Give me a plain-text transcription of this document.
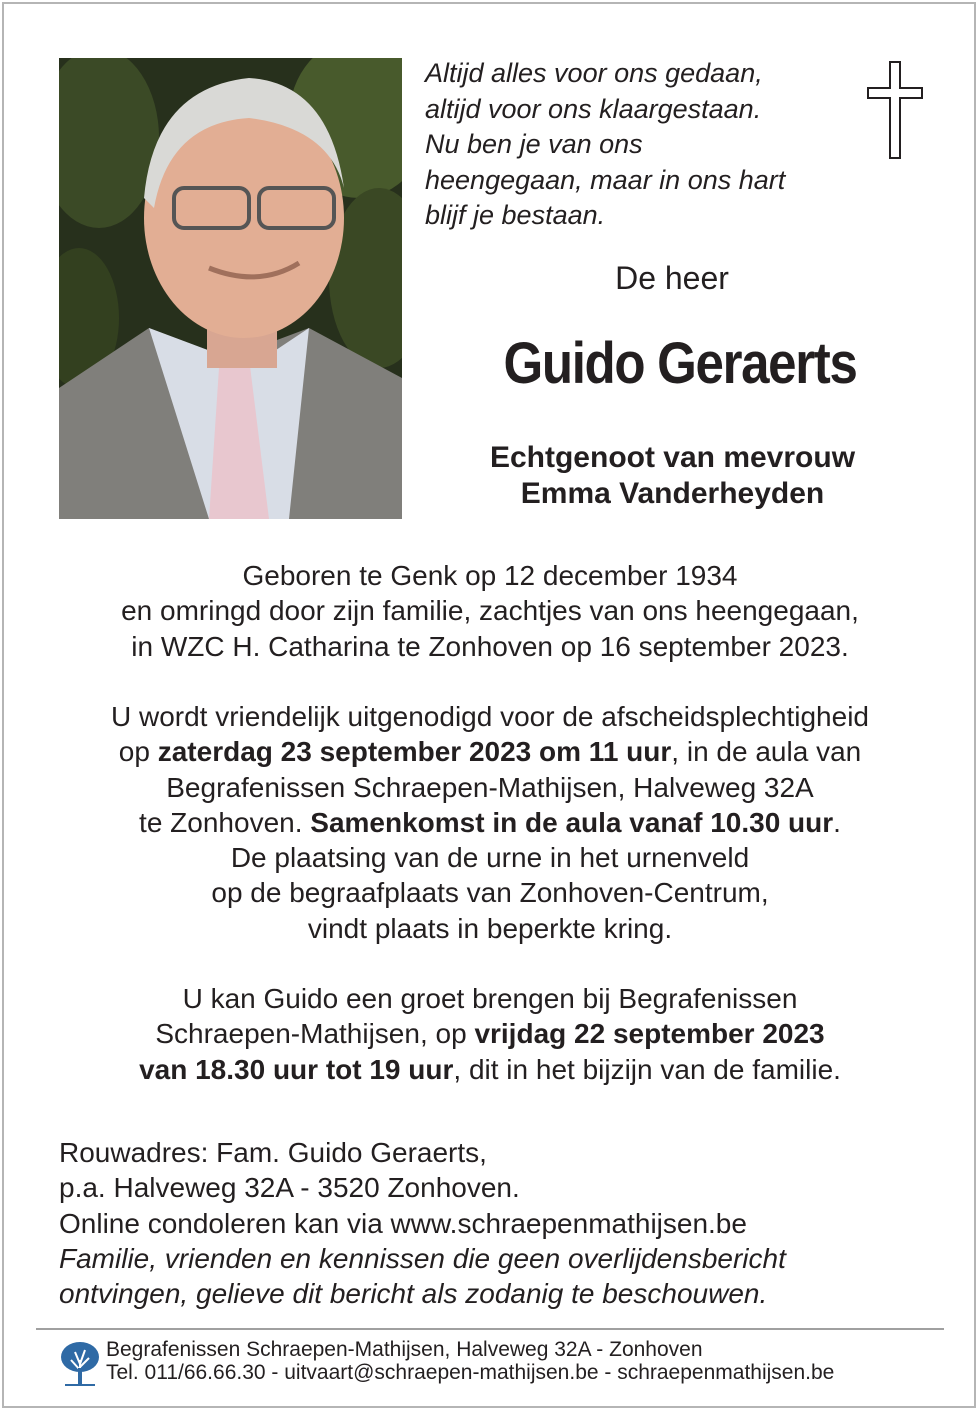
Altijd alles voor ons gedaan,
altijd voor ons klaargestaan.
Nu ben je van ons
heengegaan, maar in ons hart
blijf je bestaan.
De heer
Guido Geraerts
Echtgenoot van mevrouw
Emma Vanderheyden
Geboren te Genk op 12 december 1934
en omringd door zijn familie, zachtjes van ons heengegaan,
in WZC H. Catharina te Zonhoven op 16 september 2023.
U wordt vriendelijk uitgenodigd voor de afscheidsplechtigheid
op zaterdag 23 september 2023 om 11 uur, in de aula van
Begrafenissen Schraepen-Mathijsen, Halveweg 32A
te Zonhoven. Samenkomst in de aula vanaf 10.30 uur.
De plaatsing van de urne in het urnenveld
op de begraafplaats van Zonhoven-Centrum,
vindt plaats in beperkte kring.
U kan Guido een groet brengen bij Begrafenissen
Schraepen-Mathijsen, op vrijdag 22 september 2023
van 18.30 uur tot 19 uur, dit in het bijzijn van de familie.
Rouwadres: Fam. Guido Geraerts,
p.a. Halveweg 32A - 3520 Zonhoven.
Online condoleren kan via www.schraepenmathijsen.be
Familie, vrienden en kennissen die geen overlijdensbericht
ontvingen, gelieve dit bericht als zodanig te beschouwen.
Begrafenissen Schraepen-Mathijsen, Halveweg 32A - Zonhoven
Tel. 011/66.66.30 - uitvaart@schraepen-mathijsen.be - schraepenmathijsen.be
